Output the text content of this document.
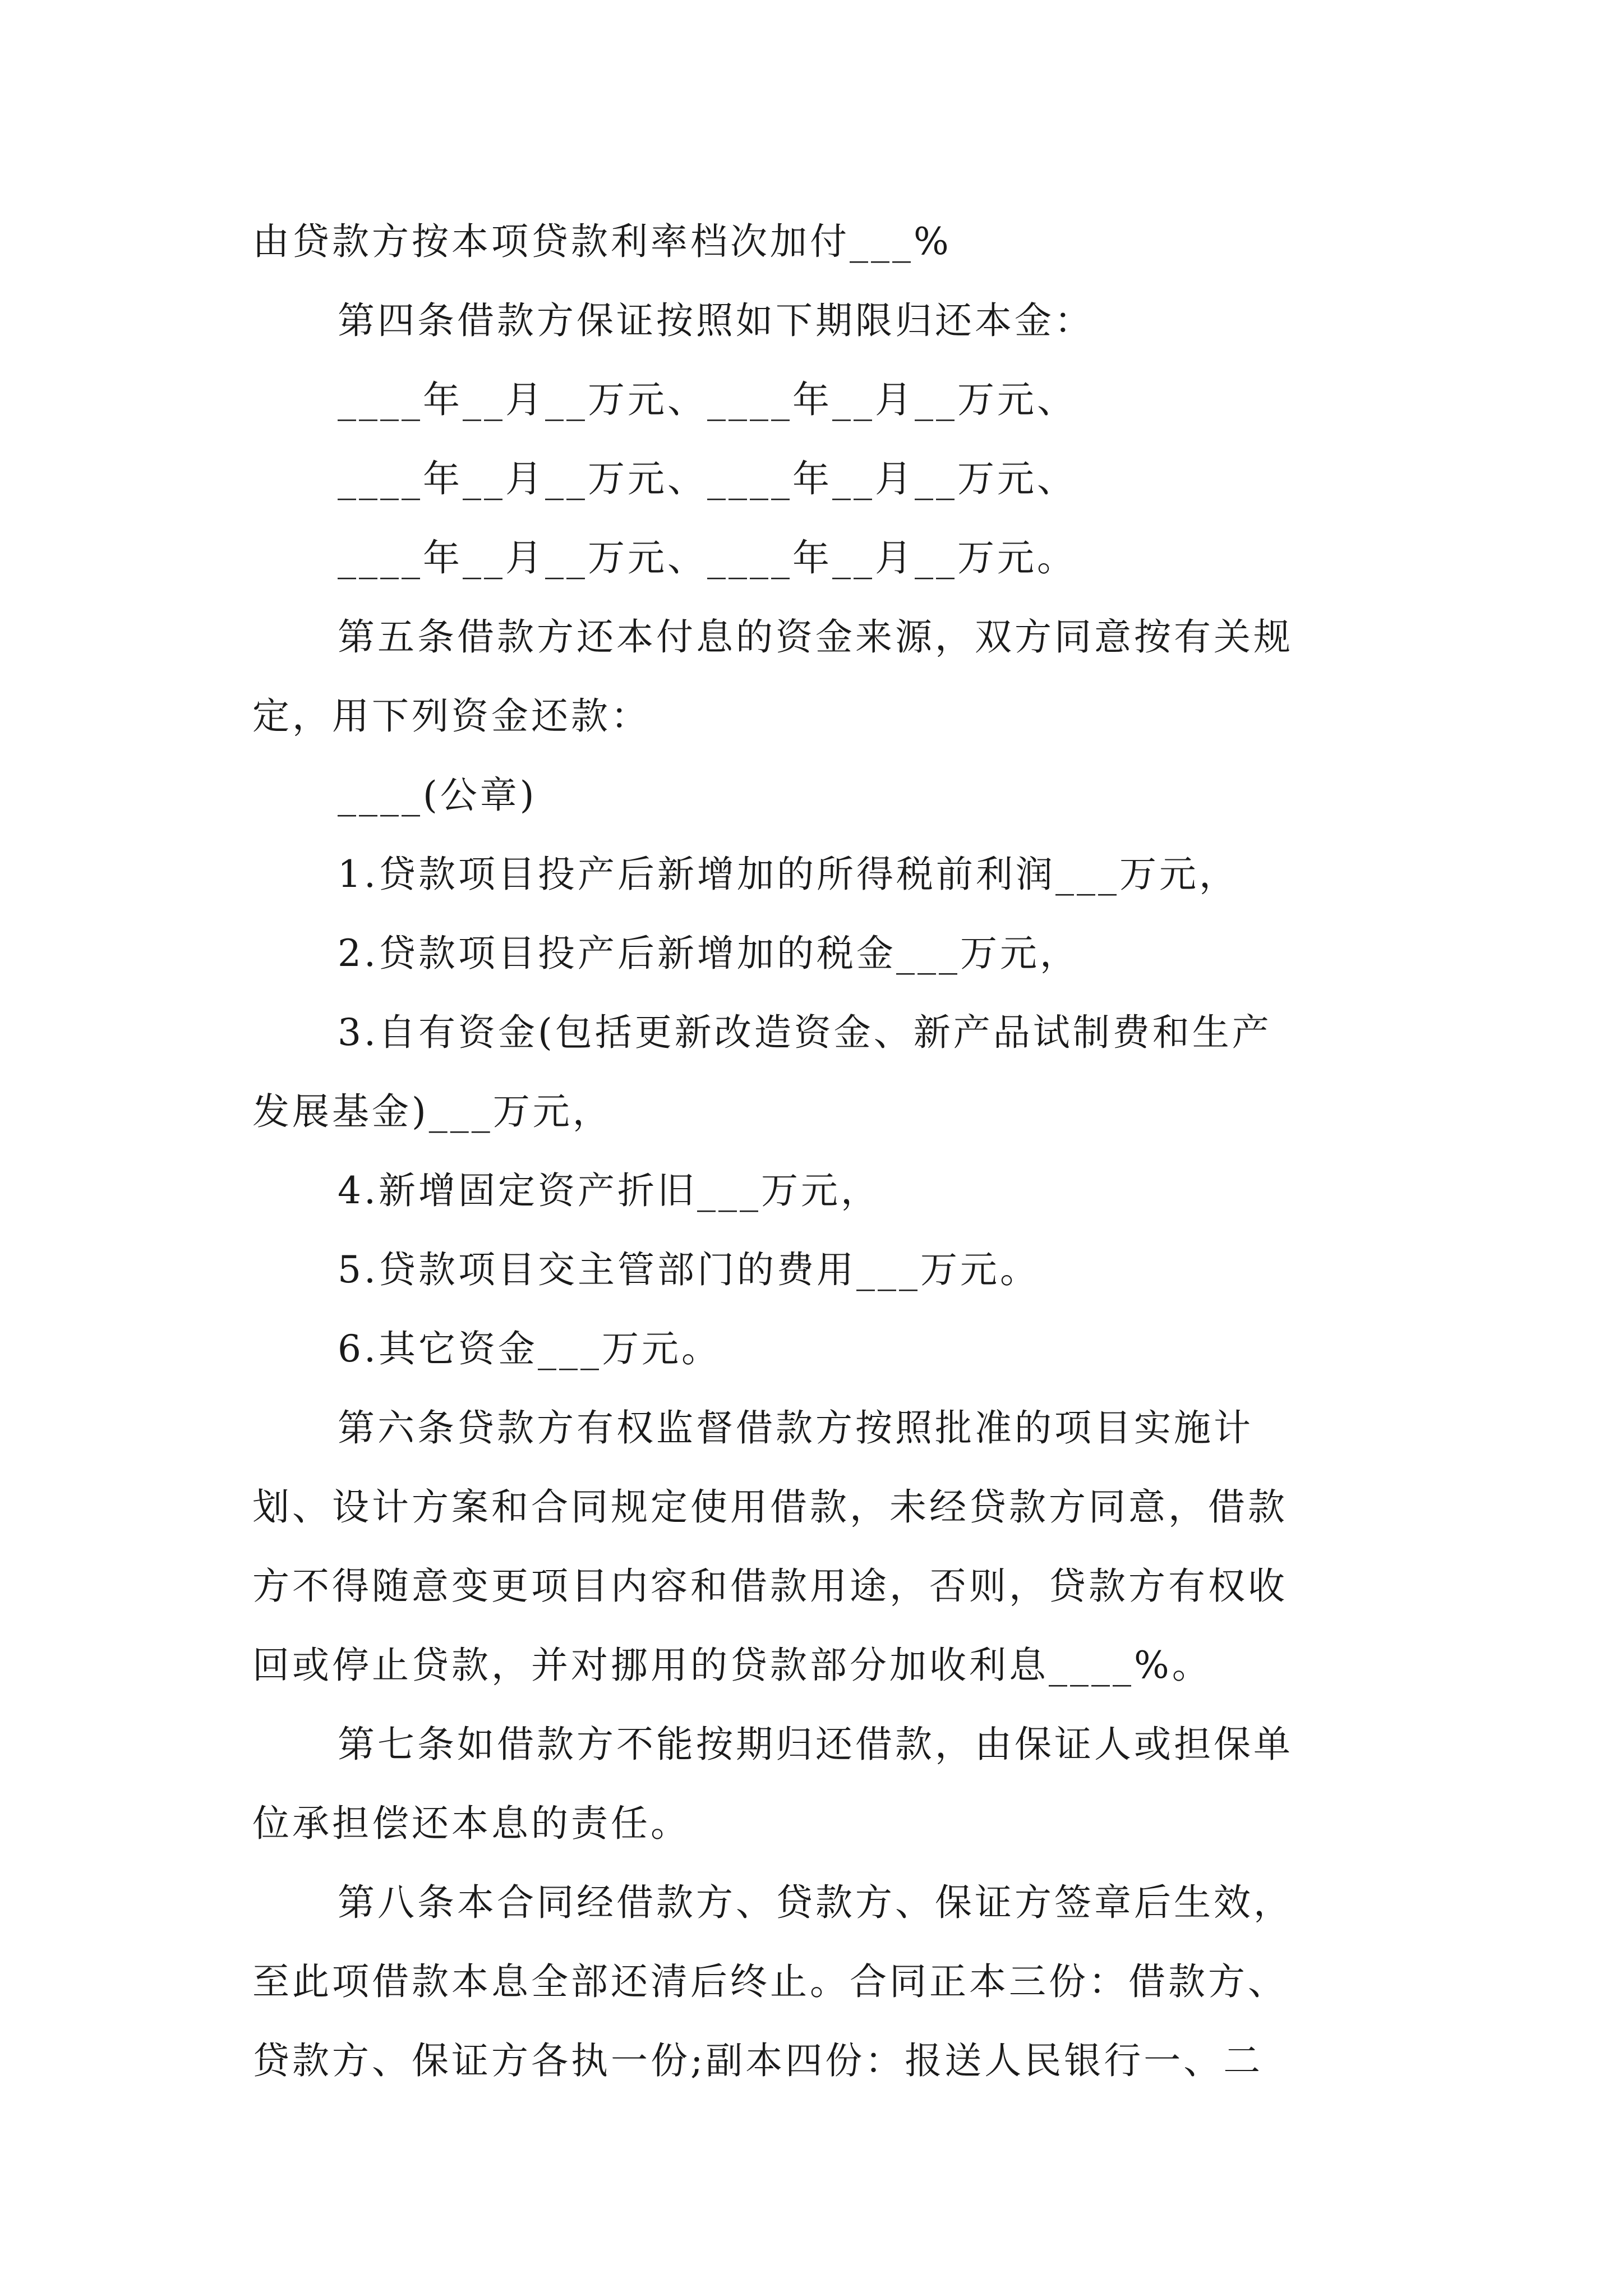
由贷款方按本项贷款利率档次加付___%
第四条借款方保证按照如下期限归还本金：
____年__月__万元、____年__月__万元、
____年__月__万元、____年__月__万元、
____年__月__万元、____年__月__万元。
第五条借款方还本付息的资金来源，双方同意按有关规
定，用下列资金还款：
____(公章)
1.贷款项目投产后新增加的所得税前利润___万元，
2.贷款项目投产后新增加的税金___万元，
3.自有资金(包括更新改造资金、新产品试制费和生产
发展基金)___万元，
4.新增固定资产折旧___万元，
5.贷款项目交主管部门的费用___万元。
6.其它资金___万元。
第六条贷款方有权监督借款方按照批准的项目实施计
划、设计方案和合同规定使用借款，未经贷款方同意，借款
方不得随意变更项目内容和借款用途，否则，贷款方有权收
回或停止贷款，并对挪用的贷款部分加收利息____%。
第七条如借款方不能按期归还借款，由保证人或担保单
位承担偿还本息的责任。
第八条本合同经借款方、贷款方、保证方签章后生效，
至此项借款本息全部还清后终止。合同正本三份：借款方、
贷款方、保证方各执一份;副本四份：报送人民银行一、二
